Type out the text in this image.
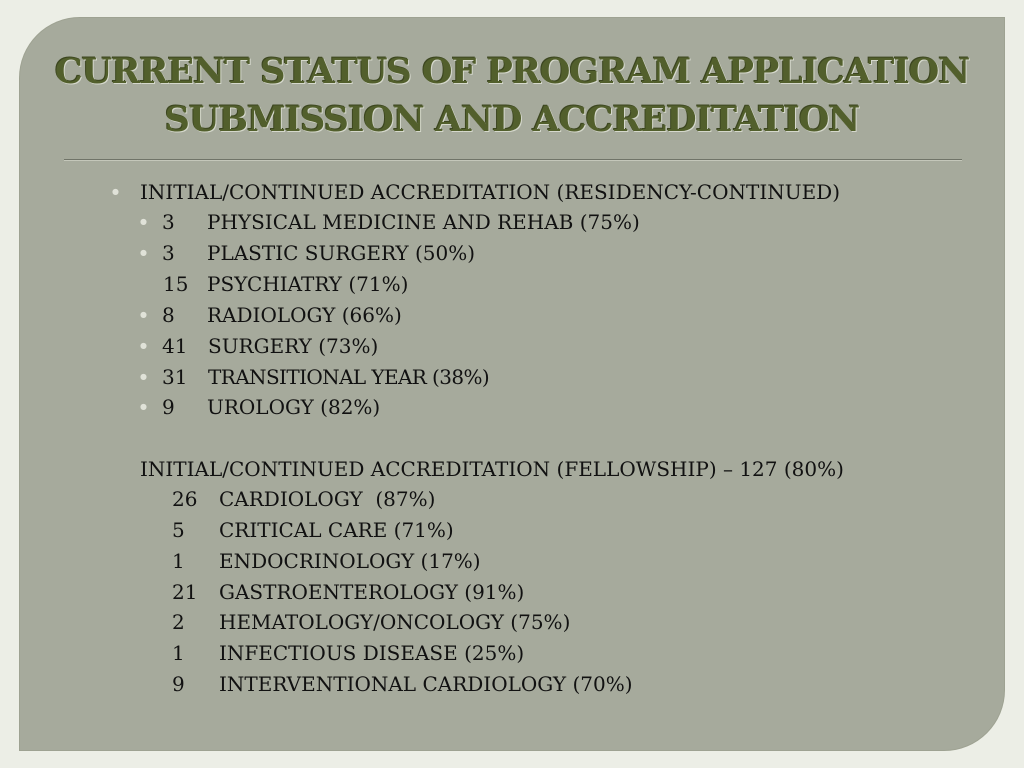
CURRENT STATUS OF PROGRAM APPLICATION
SUBMISSION AND ACCREDITATION
● INITIAL/CONTINUED ACCREDITATION (RESIDENCY-CONTINUED)
● 3 PHYSICAL MEDICINE AND REHAB (75%)
● 3 PLASTIC SURGERY (50%)
15 PSYCHIATRY (71%)
● 8 RADIOLOGY (66%)
● 41 SURGERY (73%)
● 31 TRANSITIONAL YEAR (38%)
● 9 UROLOGY (82%)
INITIAL/CONTINUED ACCREDITATION (FELLOWSHIP) – 127 (80%)
26 CARDIOLOGY  (87%)
5 CRITICAL CARE (71%)
1 ENDOCRINOLOGY (17%)
21 GASTROENTEROLOGY (91%)
2 HEMATOLOGY/ONCOLOGY (75%)
1 INFECTIOUS DISEASE (25%)
9 INTERVENTIONAL CARDIOLOGY (70%)
